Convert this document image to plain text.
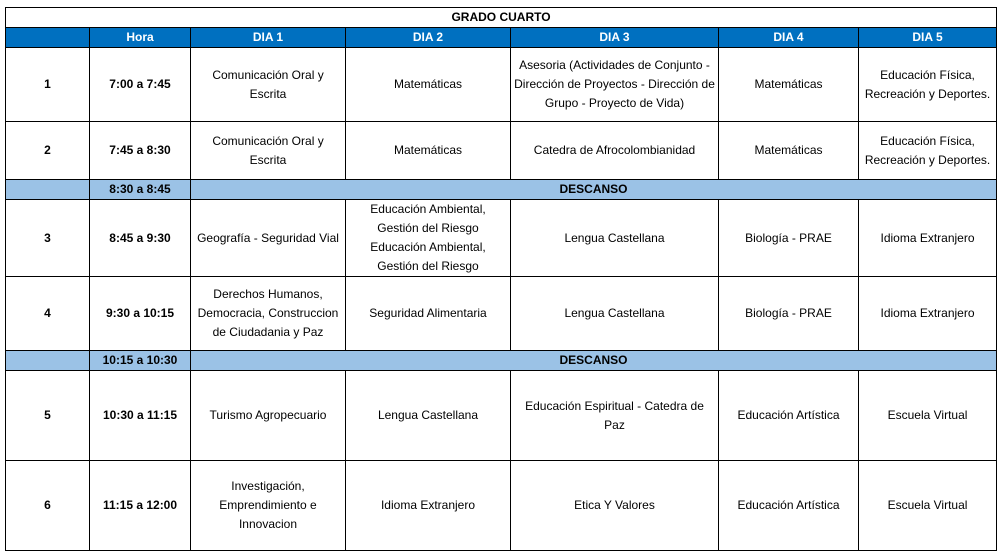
GRADO CUARTO						
	Hora	DIA 1	DIA 2	DIA 3	DIA 4	DIA 5
1	7:00 a 7:45	Comunicación Oral y Escrita	Matemáticas	Asesoria (Actividades de Conjunto - Dirección de Proyectos - Dirección de Grupo - Proyecto de Vida)	Matemáticas	Educación Física, Recreación y Deportes.
2	7:45 a 8:30	Comunicación Oral y Escrita	Matemáticas	Catedra de Afrocolombianidad	Matemáticas	Educación Física, Recreación y Deportes.
	8:30 a 8:45	DESCANSO				
3	8:45 a 9:30	Geografía - Seguridad Vial	Educación Ambiental, Gestión del Riesgo Educación Ambiental, Gestión del Riesgo	Lengua Castellana	Biología - PRAE	Idioma Extranjero
4	9:30 a 10:15	Derechos Humanos, Democracia, Construccion de Ciudadania y Paz	Seguridad Alimentaria	Lengua Castellana	Biología - PRAE	Idioma Extranjero
	10:15 a 10:30	DESCANSO				
5	10:30 a 11:15	Turismo Agropecuario	Lengua Castellana	Educación Espiritual - Catedra de Paz	Educación Artística	Escuela Virtual
6	11:15 a 12:00	Investigación, Emprendimiento e Innovacion	Idioma Extranjero	Etica Y Valores	Educación Artística	Escuela Virtual
